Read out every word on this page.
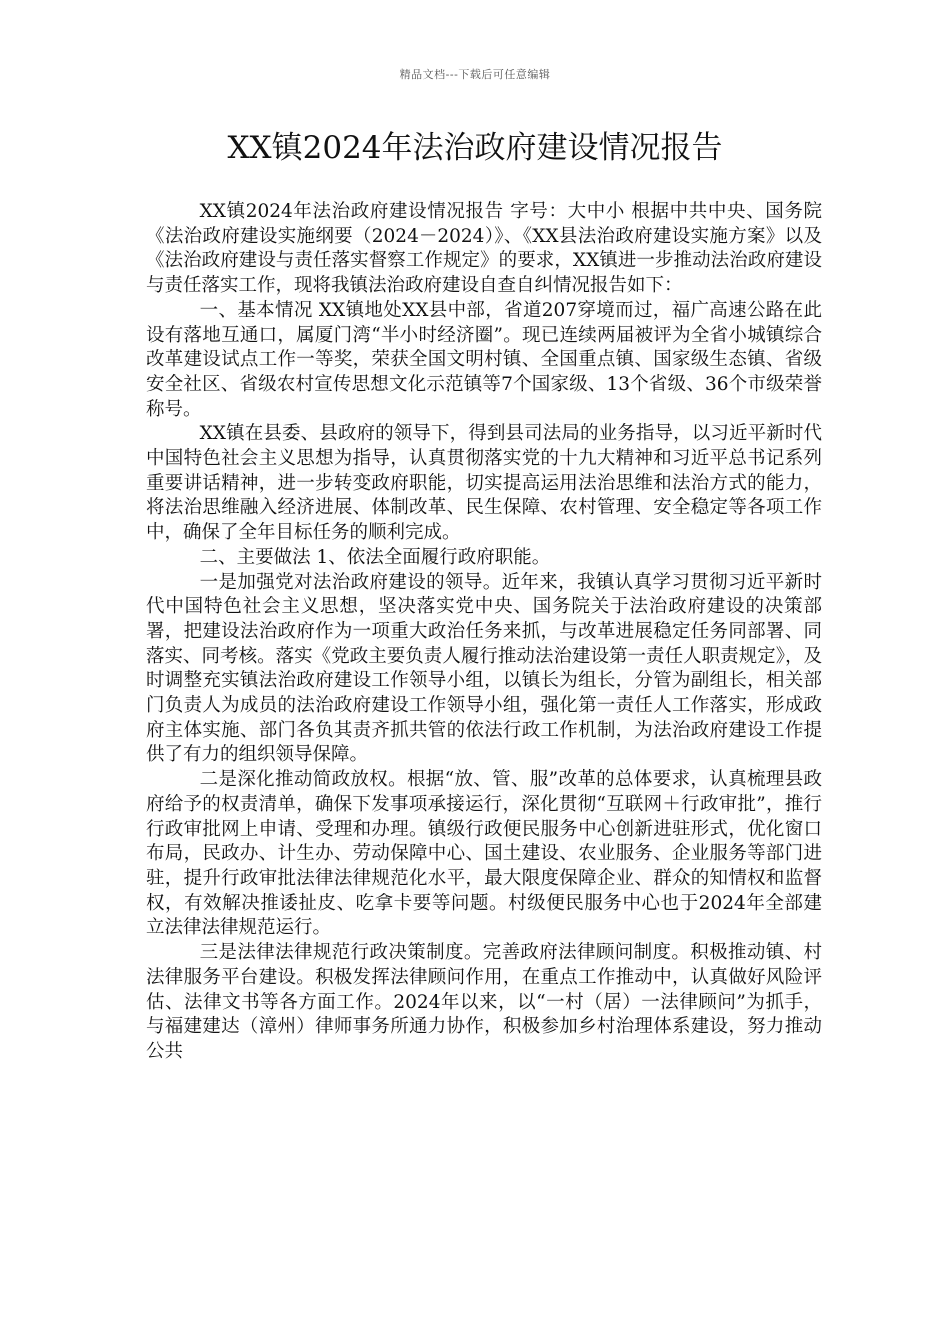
精品文档---下载后可任意编辑
XX镇2024年法治政府建设情况报告

XX镇2024年法治政府建设情况报告 字号：大中小 根据中共中央、国务院《法治政府建设实施纲要（2024－2024）》、《XX县法治政府建设实施方案》以及《法治政府建设与责任落实督察工作规定》的要求，XX镇进一步推动法治政府建设与责任落实工作，现将我镇法治政府建设自查自纠情况报告如下：

一、基本情况 XX镇地处XX县中部，省道207穿境而过，福广高速公路在此设有落地互通口，属厦门湾“半小时经济圈”。现已连续两届被评为全省小城镇综合改革建设试点工作一等奖，荣获全国文明村镇、全国重点镇、国家级生态镇、省级安全社区、省级农村宣传思想文化示范镇等7个国家级、13个省级、36个市级荣誉称号。

XX镇在县委、县政府的领导下，得到县司法局的业务指导，以习近平新时代中国特色社会主义思想为指导，认真贯彻落实党的十九大精神和习近平总书记系列重要讲话精神，进一步转变政府职能，切实提高运用法治思维和法治方式的能力，将法治思维融入经济进展、体制改革、民生保障、农村管理、安全稳定等各项工作中，确保了全年目标任务的顺利完成。

二、主要做法 1、依法全面履行政府职能。

一是加强党对法治政府建设的领导。近年来，我镇认真学习贯彻习近平新时代中国特色社会主义思想，坚决落实党中央、国务院关于法治政府建设的决策部署，把建设法治政府作为一项重大政治任务来抓，与改革进展稳定任务同部署、同落实、同考核。落实《党政主要负责人履行推动法治建设第一责任人职责规定》，及时调整充实镇法治政府建设工作领导小组，以镇长为组长，分管为副组长，相关部门负责人为成员的法治政府建设工作领导小组，强化第一责任人工作落实，形成政府主体实施、部门各负其责齐抓共管的依法行政工作机制，为法治政府建设工作提供了有力的组织领导保障。

二是深化推动简政放权。根据“放、管、服”改革的总体要求，认真梳理县政府给予的权责清单，确保下发事项承接运行，深化贯彻“互联网＋行政审批”，推行行政审批网上申请、受理和办理。镇级行政便民服务中心创新进驻形式，优化窗口布局，民政办、计生办、劳动保障中心、国土建设、农业服务、企业服务等部门进驻，提升行政审批法律法律规范化水平，最大限度保障企业、群众的知情权和监督权，有效解决推诿扯皮、吃拿卡要等问题。村级便民服务中心也于2024年全部建立法律法律规范运行。

三是法律法律规范行政决策制度。完善政府法律顾问制度。积极推动镇、村法律服务平台建设。积极发挥法律顾问作用，在重点工作推动中，认真做好风险评估、法律文书等各方面工作。2024年以来，以“一村（居）一法律顾问”为抓手，与福建建达（漳州）律师事务所通力协作，积极参加乡村治理体系建设，努力推动公共
